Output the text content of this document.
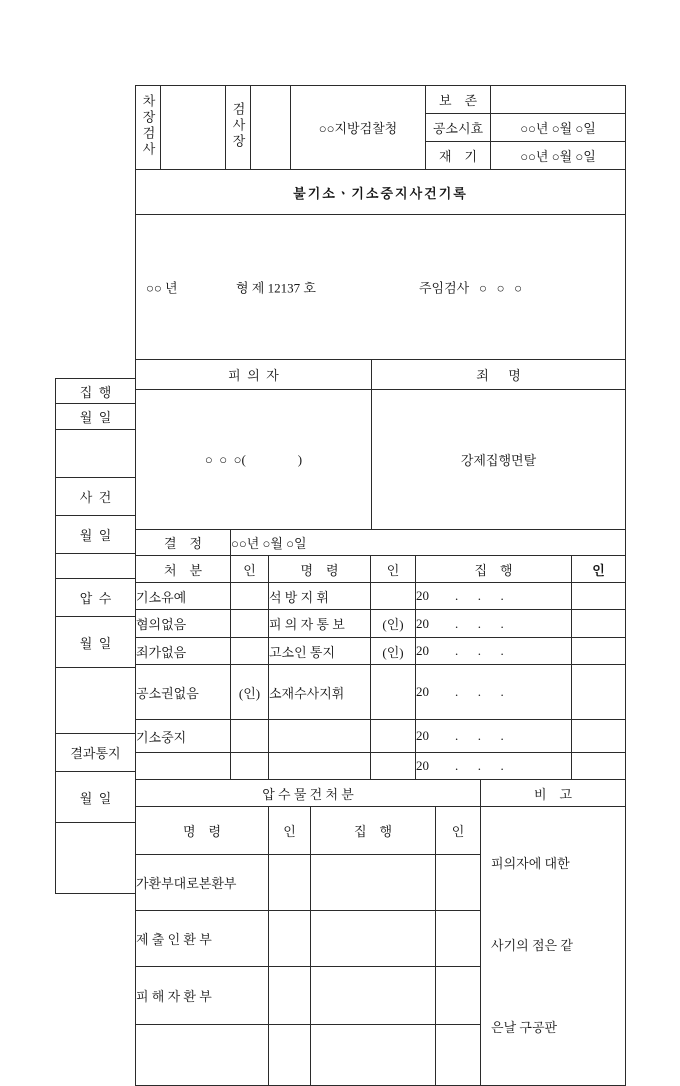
집  행
월  일

사  건
월  일

압  수
월  일

결과통지
월  일

차장검사		검사장		○○지방검찰청	보    존	
					공소시효	○○년 ○월 ○일
					재    기	○○년 ○월 ○일
불기소ㆍ기소중지사건기록

○○ 년

	형 제 12137 호

	주임검사   ○   ○   ○

피  의  자	죄      명
○  ○  ○(                )	강제집행면탈
결    정	○○년 ○월 ○일
처    분	인	명    령	인	집    행	인
기소유예		석 방 지 휘		20        .      .      .	
혐의없음		피 의 자 통 보	(인)	20        .      .      .	
죄가없음		고소인 통지	(인)	20        .      .      .	
공소권없음	(인)	소재수사지휘		20        .      .      .	
기소중지				20        .      .      .	
				20        .      .      .	
압 수 물 건 처 분				비    고
명    령	인	집    행	인	피의자에 대한

사기의 점은 같

은날 구공판

가환부대로본환부				
제 출 인 환 부				
피 해 자 환 부				
